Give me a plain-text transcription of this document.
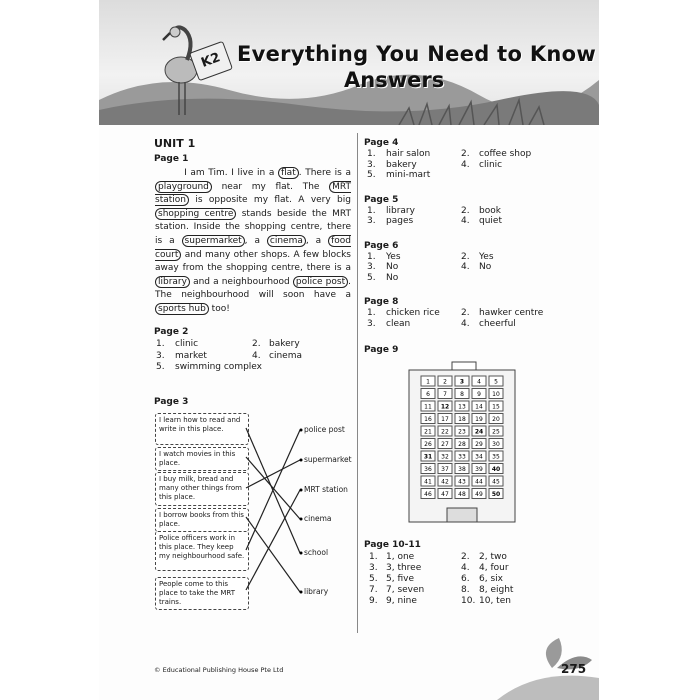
K2 Everything You Need to Know
Answers
UNIT 1
Page 1
I am Tim. I live in a flat . There is a playground near my flat. The MRT station is opposite my flat. A very big shopping centre stands beside the MRT station. Inside the shopping centre, there is a supermarket , a cinema , a food court and many other shops. A few blocks away from the shopping centre, there is a library and a neighbourhood police post . The neighbourhood will soon have a sports hub too!
Page 2
Page 3
Page 9
1 2 3 4 5
6 7 8 9 10
11 12 13 14 15
16 17 18 19 20
21 22 23 24 25
26 27 28 29 30
31 32 33 34 35
36 37 38 39 40
41 42 43 44 45
46 47 48 49 50
Page 10-11
© Educational Publishing House Pte Ltd	275
1. clinic	2. bakery
3. market	4. cinema
5. swimming complex
I learn how to read and write in this place.
I watch movies in this place.
I buy milk, bread and many other things from this place.
I borrow books from this place.
Police officers work in this place. They keep my neighbourhood safe.
People come to this place to take the MRT trains.
police post
supermarket
MRT station
cinema
school
library
Page 4
1. hair salon	2. coffee shop
3. bakery	4. clinic
5. mini-mart
Page 5
1. library	2. book
3. pages	4. quiet
Page 6
1. Yes	2. Yes
3. No	4. No
5. No
Page 8
1. chicken rice 2. hawker centre
3. clean	4. cheerful
1. 1, one	2. 2, two
3. 3, three	4. 4, four
5. 5, five	6. 6, six
7. 7, seven	8. 8, eight
9. 9, nine	10. 10, ten
